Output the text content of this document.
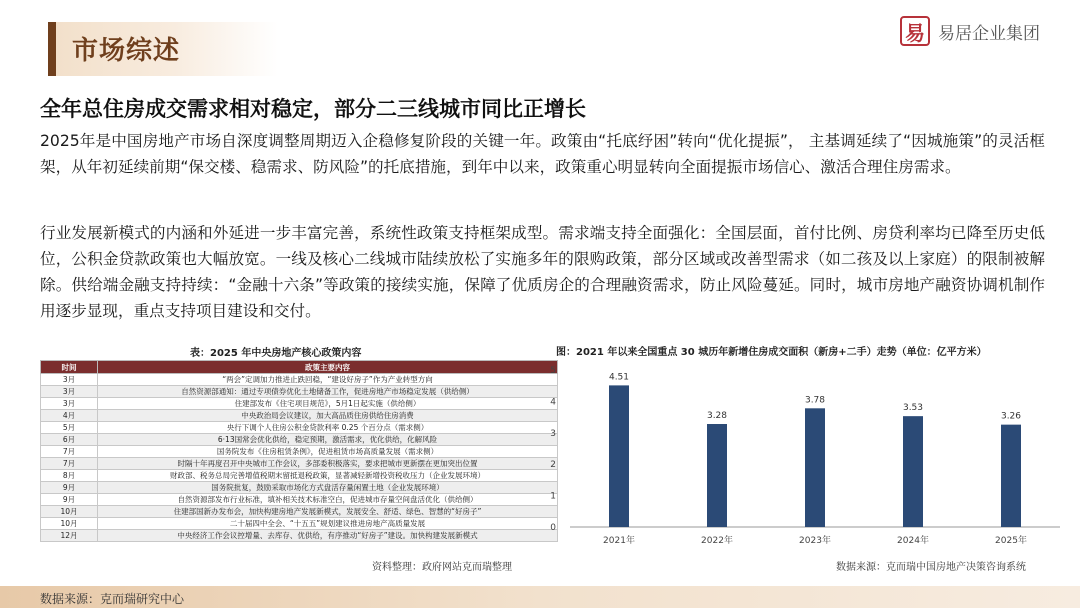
市场综述
易 易居企业集团
全年总住房成交需求相对稳定，部分二三线城市同比正增长
2025年是中国房地产市场自深度调整周期迈入企稳修复阶段的关键一年。政策由“托底纾困”转向“优化提振”， 主基调延续了“因城施策”的灵活框架，从年初延续前期“保交楼、稳需求、防风险”的托底措施，到年中以来，政策重心明显转向全面提振市场信心、激活合理住房需求。
行业发展新模式的内涵和外延进一步丰富完善，系统性政策支持框架成型。需求端支持全面强化：全国层面，首付比例、房贷利率均已降至历史低位，公积金贷款政策也大幅放宽。一线及核心二线城市陆续放松了实施多年的限购政策，部分区域或改善型需求（如二孩及以上家庭）的限制被解除。供给端金融支持持续：“金融十六条”等政策的接续实施，保障了优质房企的合理融资需求，防止风险蔓延。同时，城市房地产融资协调机制作用逐步显现，重点支持项目建设和交付。
表：2025 年中央房地产核心政策内容
时间	政策主要内容
3月	“两会”定调加力推进止跌回稳，“建设好房子”作为产业转型方向
3月	自然资源部通知：通过专项债券优化土地储备工作，促进房地产市场稳定发展（供给侧）
3月	住建部发布《住宅项目规范》，5月1日起实施（供给侧）
4月	中央政治局会议建议，加大高品质住房供给住房消费
5月	央行下调个人住房公积金贷款利率 0.25 个百分点（需求侧）
6月	6·13国常会优化供给，稳定预期，激活需求，优化供给，化解风险
7月	国务院发布《住房租赁条例》，促进租赁市场高质量发展（需求侧）
7月	时隔十年再度召开中央城市工作会议，多部委积极落实，要求把城市更新摆在更加突出位置
8月	财政部、税务总局完善增值税期末留抵退税政策，显著减轻新增投资税收压力（企业发展环境）
9月	国务院批复，鼓励采取市场化方式盘活存量闲置土地（企业发展环境）
9月	自然资源部发布行业标准，填补相关技术标准空白，促进城市存量空间盘活优化（供给侧）
10月	住建部国新办发布会，加快构建房地产发展新模式，发展安全、舒适、绿色、智慧的“好房子”
10月	二十届四中全会、“十五五”规划建议推进房地产高质量发展
12月	中央经济工作会议控增量、去库存、优供给，有序推动“好房子”建设。加快构建发展新模式
资料整理：政府网站克而瑞整理
图：2021 年以来全国重点 30 城历年新增住房成交面积（新房+二手）走势（单位：亿平方米）
0
1
2
3
4
5
4.51
2021年
3.28
2022年
3.78
2023年
3.53
2024年
3.26
2025年
数据来源：克而瑞中国房地产决策咨询系统
数据来源：克而瑞研究中心
